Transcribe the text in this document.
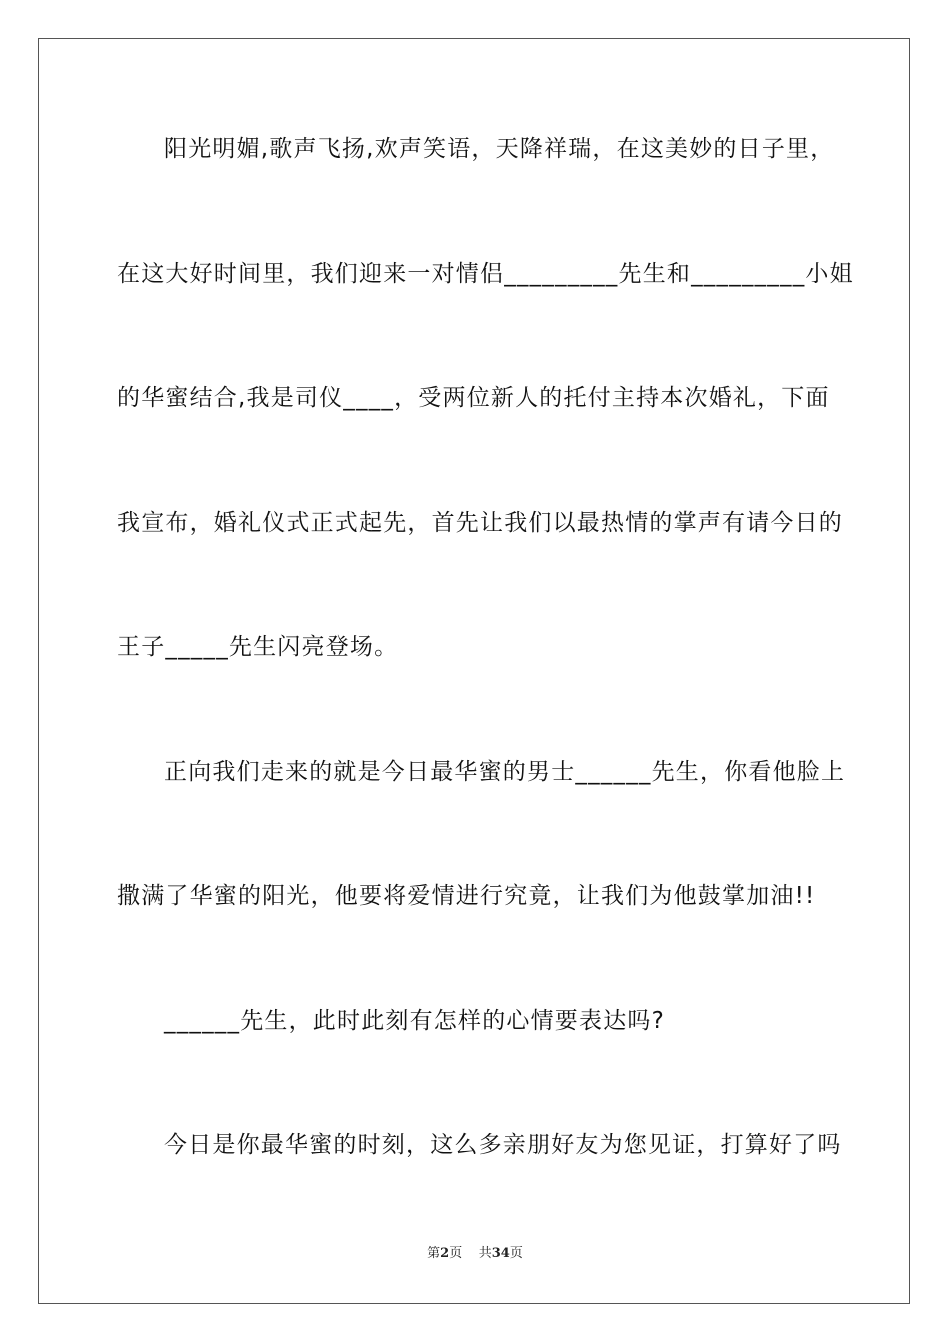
阳光明媚,歌声飞扬,欢声笑语，天降祥瑞，在这美妙的日子里，
在这大好时间里，我们迎来一对情侣_________先生和_________小姐
的华蜜结合,我是司仪____，受两位新人的托付主持本次婚礼，下面
我宣布，婚礼仪式正式起先，首先让我们以最热情的掌声有请今日的
王子_____先生闪亮登场。
正向我们走来的就是今日最华蜜的男士______先生，你看他脸上
撒满了华蜜的阳光，他要将爱情进行究竟，让我们为他鼓掌加油!!
______先生，此时此刻有怎样的心情要表达吗?
今日是你最华蜜的时刻，这么多亲朋好友为您见证，打算好了吗
第2页 共34页
